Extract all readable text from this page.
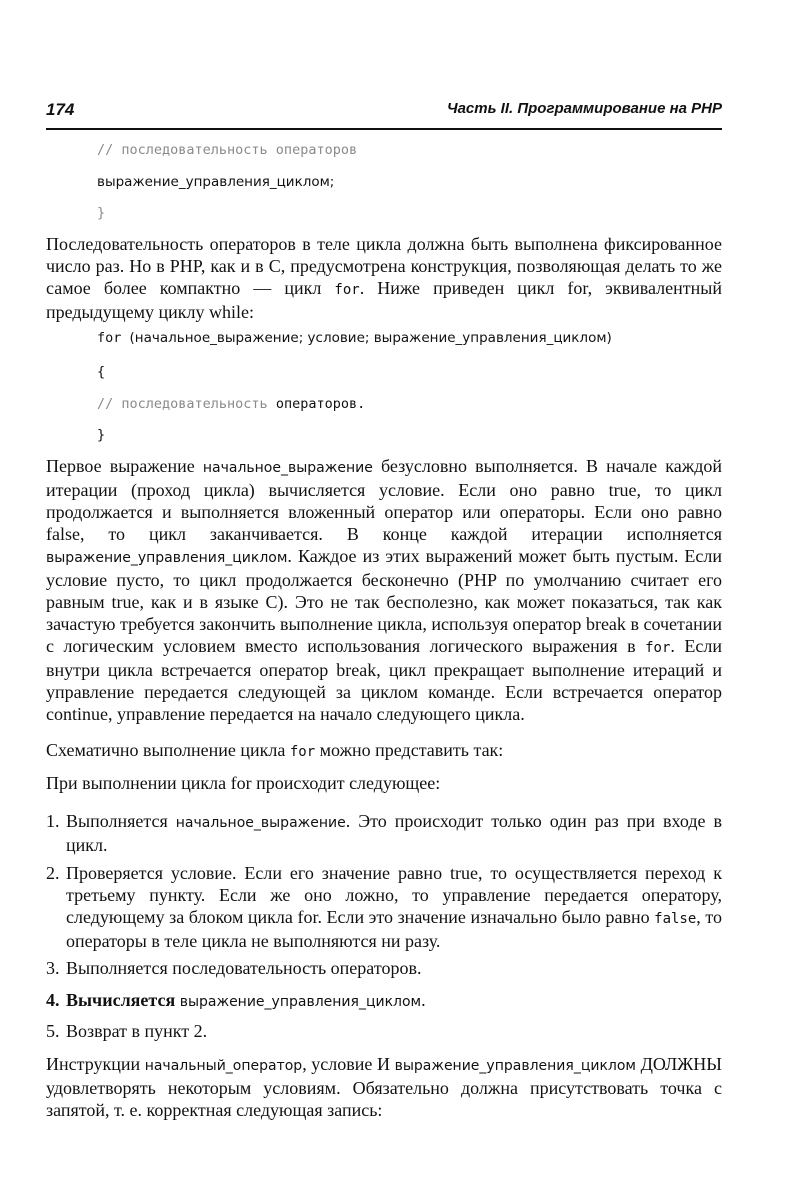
174	Часть II. Программирование на PHP
// последовательность операторов
выражение_управления_циклом;
}

Последовательность операторов в теле цикла должна быть выполнена фиксированное число раз. Но в PHP, как и в С, предусмотрена конструкция, позволяющая делать то же самое более компактно — цикл for. Ниже приведен цикл for, эквивалентный предыдущему циклу while:

for (начальное_выражение; условие; выражение_управления_циклом)
{
// последовательность операторов.
}

Первое выражение начальное_выражение безусловно выполняется. В начале каждой итерации (проход цикла) вычисляется условие. Если оно равно true, то цикл продолжается и выполняется вложенный оператор или операторы. Если оно равно false, то цикл заканчивается. В конце каждой итерации исполняется выражение_управления_циклом. Каждое из этих выражений может быть пустым. Если условие пусто, то цикл продолжается бесконечно (PHP по умолчанию считает его равным true, как и в языке С). Это не так бесполезно, как может показаться, так как зачастую требуется закончить выполнение цикла, используя оператор break в сочетании с логическим условием вместо использования логического выражения в for. Если внутри цикла встречается оператор break, цикл прекращает выполнение итераций и управление передается следующей за циклом команде. Если встречается оператор continue, управление передается на начало следующего цикла.

Схематично выполнение цикла for можно представить так:

При выполнении цикла for происходит следующее:

1. Выполняется начальное_выражение. Это происходит только один раз при входе в цикл.
2. Проверяется условие. Если его значение равно true, то осуществляется переход к третьему пункту. Если же оно ложно, то управление передается оператору, следующему за блоком цикла for. Если это значение изначально было равно false, то операторы в теле цикла не выполняются ни разу.
3. Выполняется последовательность операторов.
4. Вычисляется выражение_управления_циклом.
5. Возврат в пункт 2.

Инструкции начальный_оператор, условие И выражение_управления_циклом ДОЛЖНЫ удовлетворять некоторым условиям. Обязательно должна присутствовать точка с запятой, т. е. корректная следующая запись:
